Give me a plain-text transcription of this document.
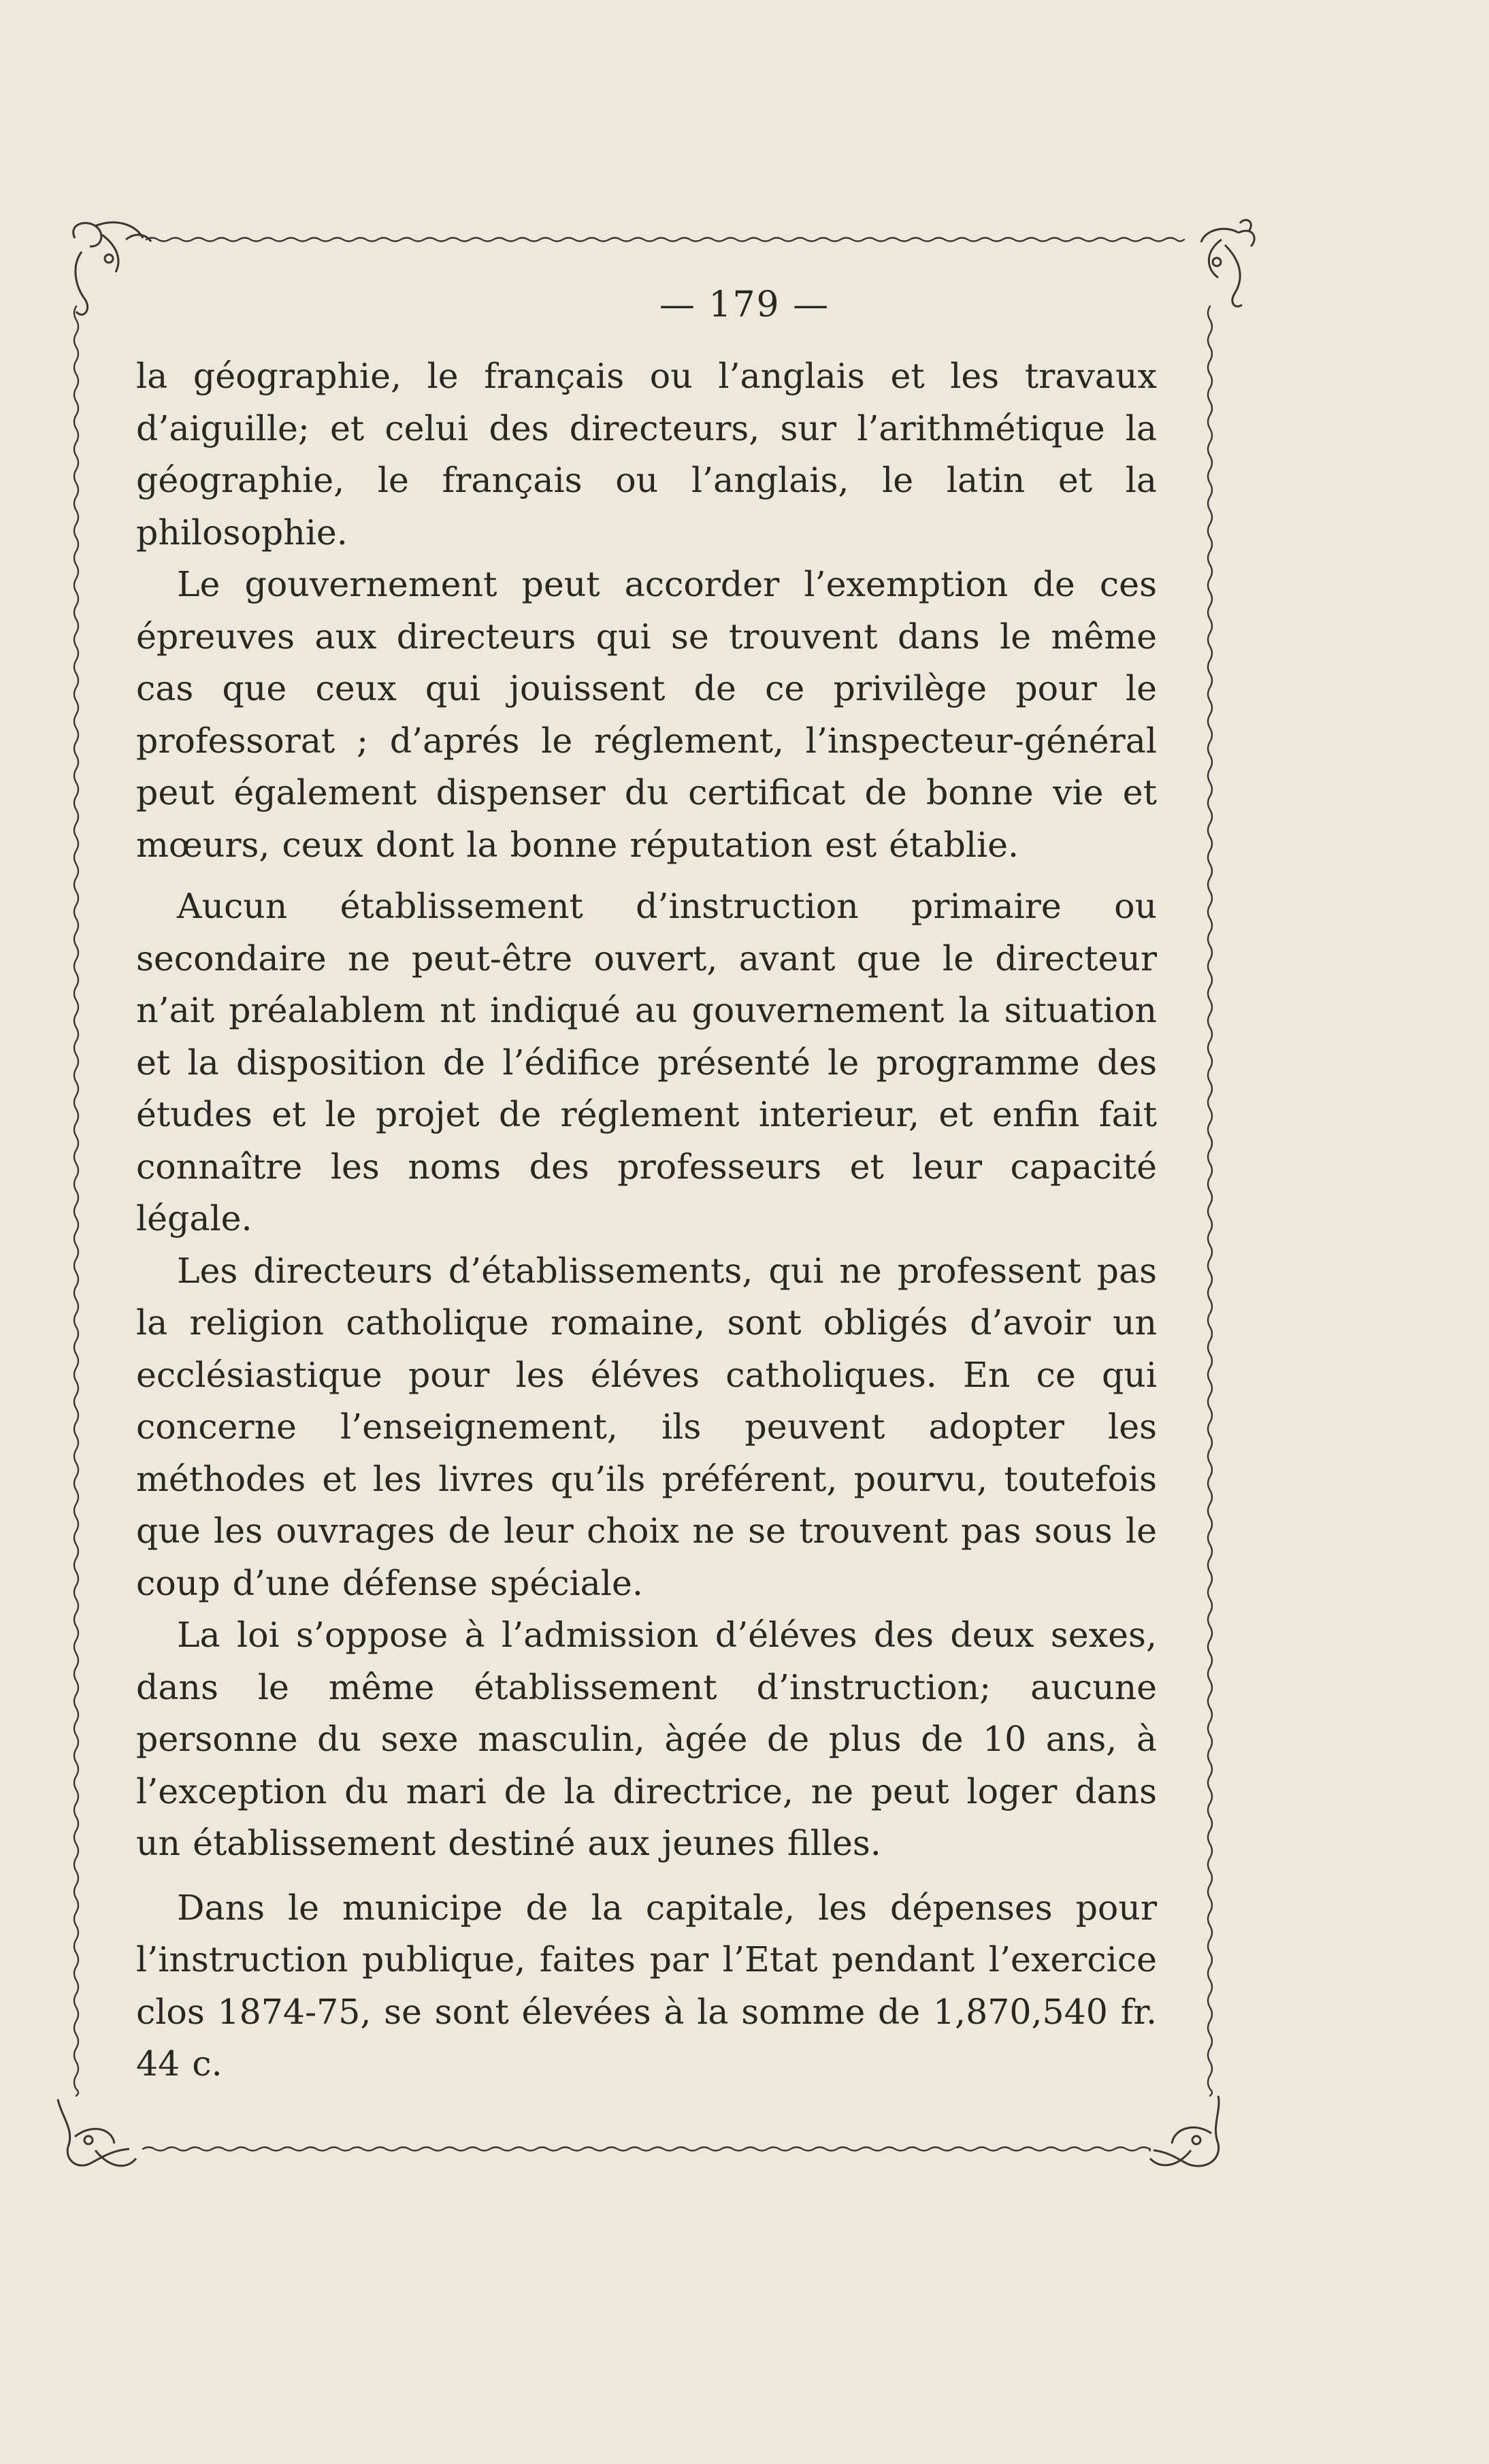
— 179 —

la géographie, le français ou l’anglais et les travaux d’aiguille; et celui des directeurs, sur l’arithmétique la géographie, le français ou l’anglais, le latin et la philosophie.

Le gouvernement peut accorder l’exemption de ces épreuves aux directeurs qui se trouvent dans le même cas que ceux qui jouissent de ce privilège pour le professorat ; d’aprés le réglement, l’inspecteur-général peut également dispenser du certificat de bonne vie et mœurs, ceux dont la bonne réputation est établie.

Aucun établissement d’instruction primaire ou secondaire ne peut-être ouvert, avant que le directeur n’ait préalablem nt indiqué au gouvernement la situation et la disposition de l’édifice présenté le programme des études et le projet de réglement interieur, et enfin fait connaître les noms des professeurs et leur capacité légale.

Les directeurs d’établissements, qui ne professent pas la religion catholique romaine, sont obligés d’avoir un ecclésiastique pour les éléves catholiques. En ce qui concerne l’enseignement, ils peuvent adopter les méthodes et les livres qu’ils préférent, pourvu, toutefois que les ouvrages de leur choix ne se trouvent pas sous le coup d’une défense spéciale.

La loi s’oppose à l’admission d’éléves des deux sexes, dans le même établissement d’instruction; aucune personne du sexe masculin, àgée de plus de 10 ans, à l’exception du mari de la directrice, ne peut loger dans un établissement destiné aux jeunes filles.

Dans le municipe de la capitale, les dépenses pour l’instruction publique, faites par l’Etat pendant l’exercice clos 1874-75, se sont élevées à la somme de 1,870,540 fr. 44 c.
